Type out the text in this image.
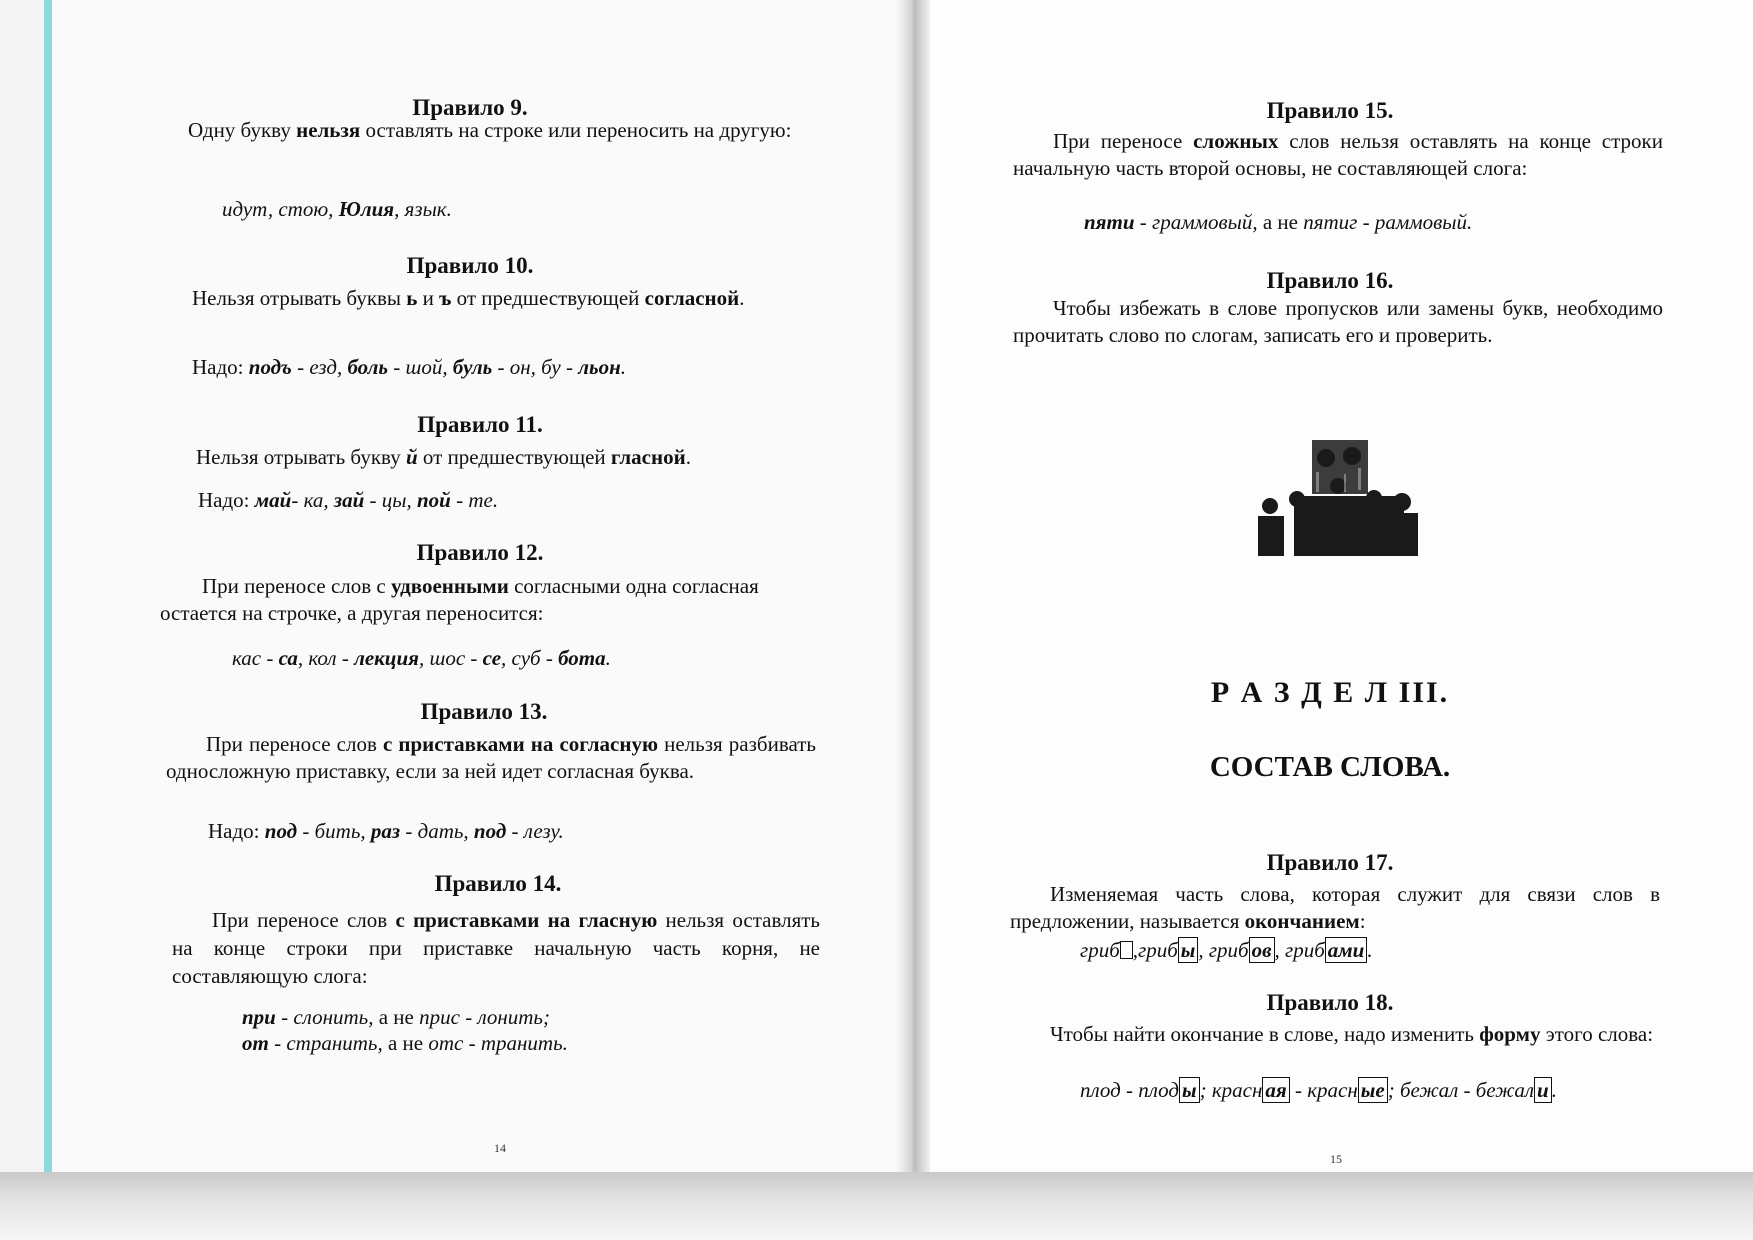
Правило 9.
Одну букву нельзя оставлять на строке или переносить на другую:
идут, стою, Юлия, язык.
Правило 10.
Нельзя отрывать буквы ь и ъ от предшествующей согласной.
Надо: подъ - езд, боль - шой, буль - он, бу - льон.
Правило 11.
Нельзя отрывать букву й от предшествующей гласной.
Надо: май- ка, зай - цы, пой - те.
Правило 12.
При переносе слов с удвоенными согласными одна согласная остается на строчке, а другая переносится:
кас - са, кол - лекция, шос - се, суб - бота.
Правило 13.
При переносе слов с приставками на согласную нельзя разбивать односложную приставку, если за ней идет согласная буква.
Надо: под - бить, раз - дать, под - лезу.
Правило 14.
При переносе слов с приставками на гласную нельзя оставлять на конце строки при приставке начальную часть корня, не составляющую слога:
при - слонить, а не прис - лонить;
от - странить, а не отс - транить.
14
Правило 15.
При переносе сложных слов нельзя оставлять на конце строки начальную часть второй основы, не составляющей слога:
пяти - граммовый, а не пятиг - раммовый.
Правило 16.
Чтобы избежать в слове пропусков или замены букв, необходимо прочитать слово по слогам, записать его и проверить.
Р А З Д Е Л III.
СОСТАВ СЛОВА.
Правило 17.
Изменяемая часть слова, которая служит для связи слов в предложении, называется окончанием:
гриб ,гриб ы , гриб ов , гриб ами .
Правило 18.
Чтобы найти окончание в слове, надо изменить форму этого слова:
плод - плод ы ; красн ая - красн ые ; бежал - бежал и .
15
